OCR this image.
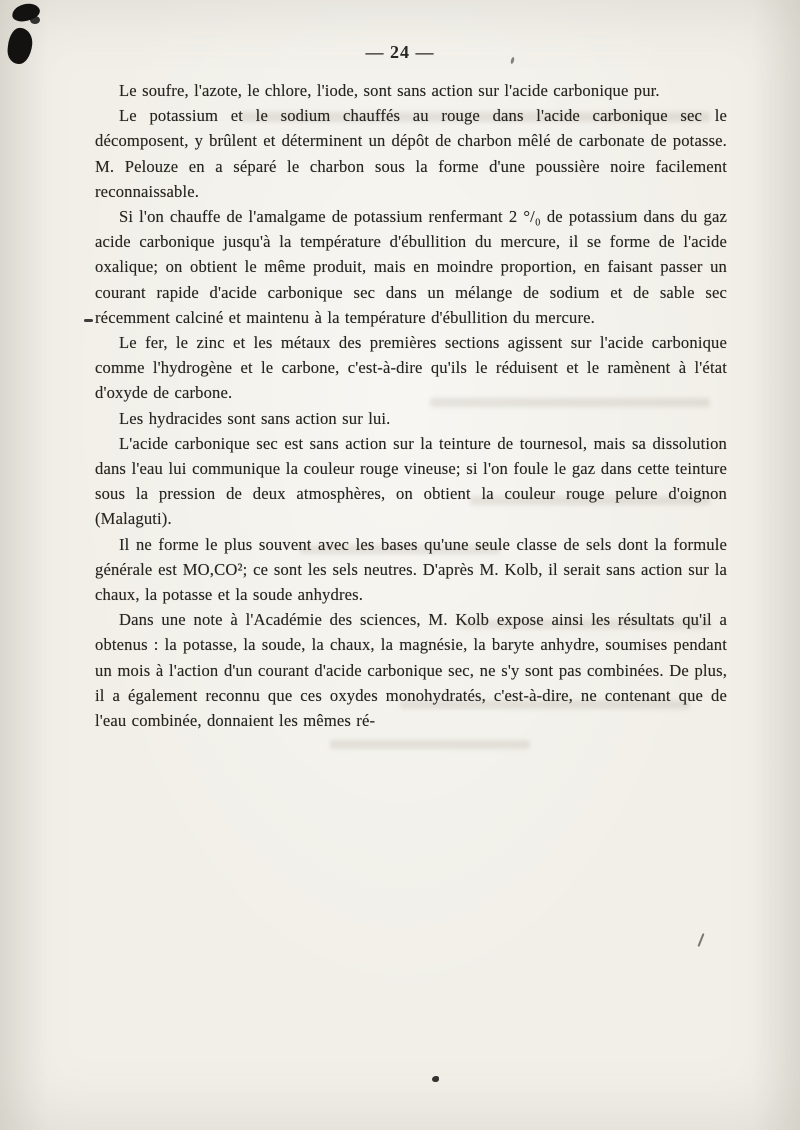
— 24 —

Le soufre, l'azote, le chlore, l'iode, sont sans action sur l'acide carbonique pur.

Le potassium et le sodium chauffés au rouge dans l'acide carbonique sec le décomposent, y brûlent et déterminent un dépôt de charbon mêlé de carbonate de potasse. M. Pelouze en a séparé le charbon sous la forme d'une poussière noire facilement reconnaissable.

Si l'on chauffe de l'amalgame de potassium renfermant 2 °/₀ de potassium dans du gaz acide carbonique jusqu'à la température d'ébullition du mercure, il se forme de l'acide oxalique; on obtient le même produit, mais en moindre proportion, en faisant passer un courant rapide d'acide carbonique sec dans un mélange de sodium et de sable sec récemment calciné et maintenu à la température d'ébullition du mercure.

Le fer, le zinc et les métaux des premières sections agissent sur l'acide carbonique comme l'hydrogène et le carbone, c'est-à-dire qu'ils le réduisent et le ramènent à l'état d'oxyde de carbone.

Les hydracides sont sans action sur lui.

L'acide carbonique sec est sans action sur la teinture de tournesol, mais sa dissolution dans l'eau lui communique la couleur rouge vineuse; si l'on foule le gaz dans cette teinture sous la pression de deux atmosphères, on obtient la couleur rouge pelure d'oignon (Malaguti).

Il ne forme le plus souvent avec les bases qu'une seule classe de sels dont la formule générale est MO,CO²; ce sont les sels neutres. D'après M. Kolb, il serait sans action sur la chaux, la potasse et la soude anhydres.

Dans une note à l'Académie des sciences, M. Kolb expose ainsi les résultats qu'il a obtenus : la potasse, la soude, la chaux, la magnésie, la baryte anhydre, soumises pendant un mois à l'action d'un courant d'acide carbonique sec, ne s'y sont pas combinées. De plus, il a également reconnu que ces oxydes monohydratés, c'est-à-dire, ne contenant que de l'eau combinée, donnaient les mêmes ré-
